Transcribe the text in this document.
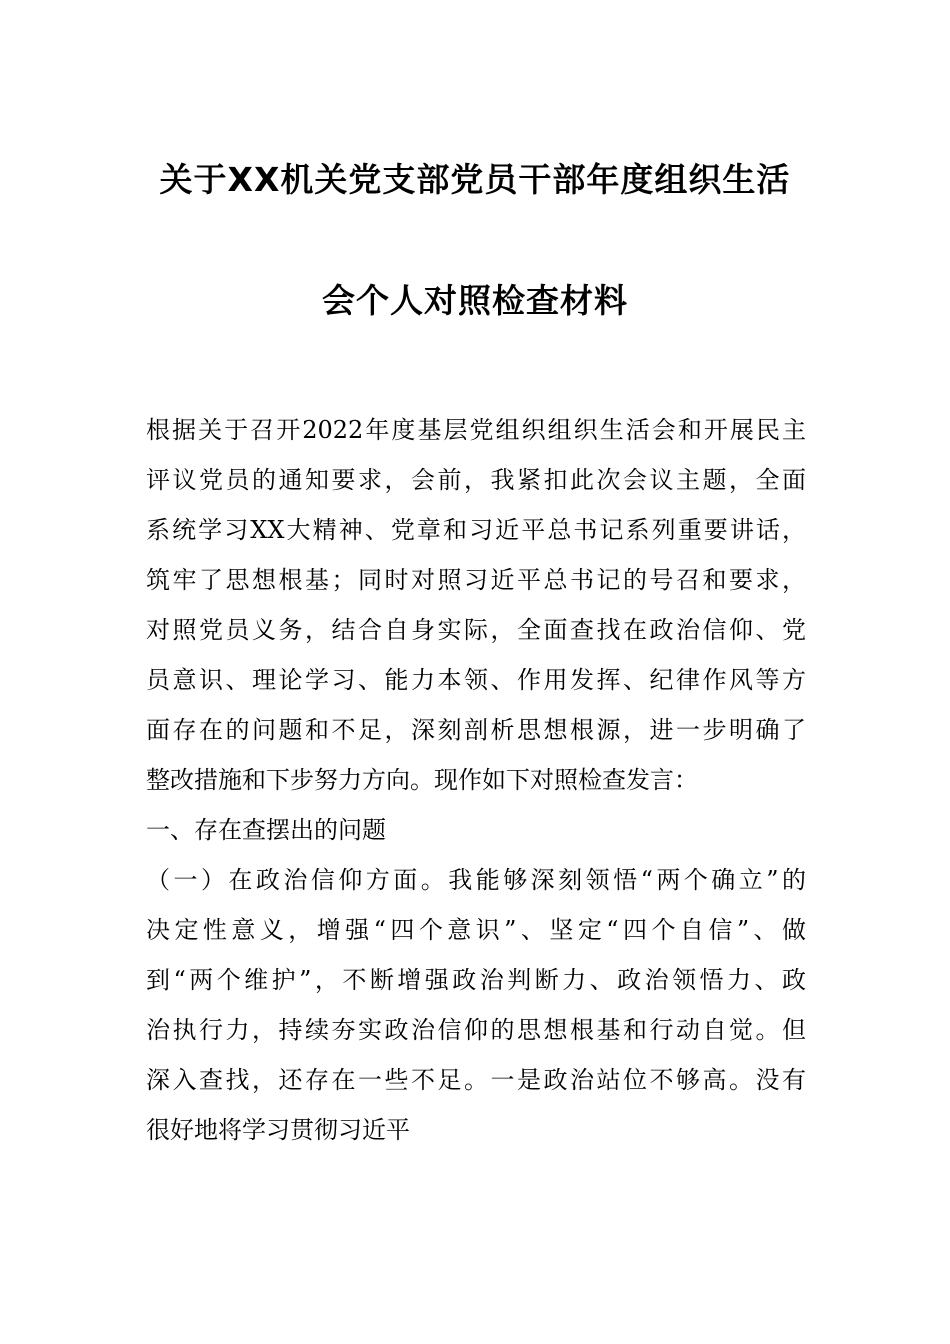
关于XX机关党支部党员干部年度组织生活
会个人对照检查材料
根据关于召开2022年度基层党组织组织生活会和开展民主
评议党员的通知要求，会前，我紧扣此次会议主题，全面
系统学习XX大精神、党章和习近平总书记系列重要讲话，
筑牢了思想根基；同时对照习近平总书记的号召和要求，
对照党员义务，结合自身实际，全面查找在政治信仰、党
员意识、理论学习、能力本领、作用发挥、纪律作风等方
面存在的问题和不足，深刻剖析思想根源，进一步明确了
整改措施和下步努力方向。现作如下对照检查发言：
一、存在查摆出的问题
（一）在政治信仰方面。我能够深刻领悟“两个确立”的
决定性意义，增强“四个意识”、坚定“四个自信”、做
到“两个维护”，不断增强政治判断力、政治领悟力、政
治执行力，持续夯实政治信仰的思想根基和行动自觉。但
深入查找，还存在一些不足。一是政治站位不够高。没有
很好地将学习贯彻习近平
